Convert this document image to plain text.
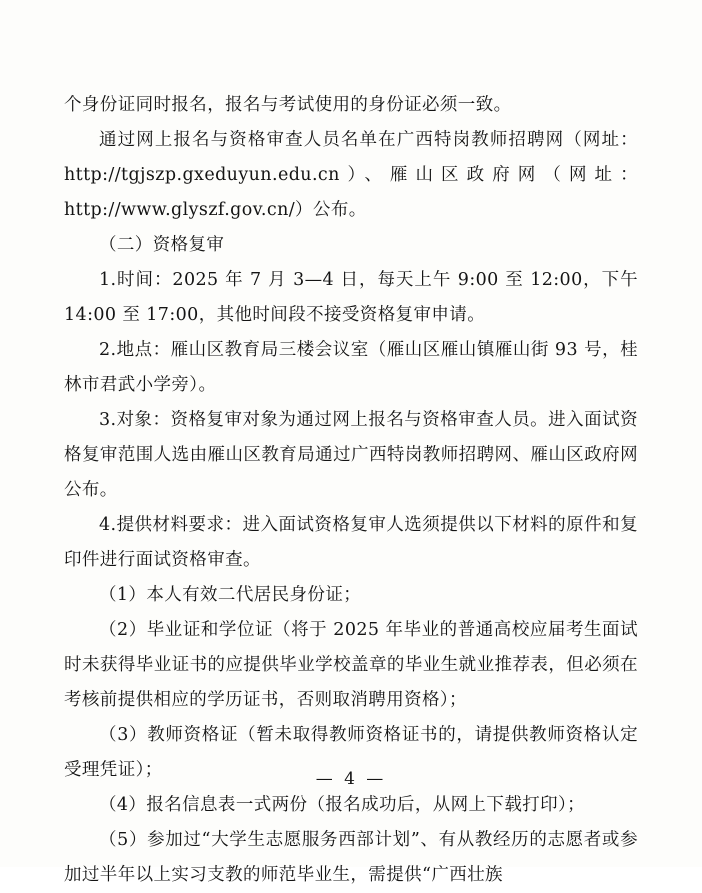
个身份证同时报名，报名与考试使用的身份证必须一致。

通过网上报名与资格审查人员名单在广西特岗教师招聘网（网址：http://tgjszp.gxeduyun.edu.cn）、雁山区政府网（网址：http://www.glyszf.gov.cn/）公布。

（二）资格复审

1.时间：2025 年 7 月 3—4 日，每天上午 9:00 至 12:00，下午 14:00 至 17:00，其他时间段不接受资格复审申请。

2.地点：雁山区教育局三楼会议室（雁山区雁山镇雁山街 93 号，桂林市君武小学旁）。

3.对象：资格复审对象为通过网上报名与资格审查人员。进入面试资格复审范围人选由雁山区教育局通过广西特岗教师招聘网、雁山区政府网公布。

4.提供材料要求：进入面试资格复审人选须提供以下材料的原件和复印件进行面试资格审查。

（1）本人有效二代居民身份证；

（2）毕业证和学位证（将于 2025 年毕业的普通高校应届考生面试时未获得毕业证书的应提供毕业学校盖章的毕业生就业推荐表，但必须在考核前提供相应的学历证书，否则取消聘用资格）；

（3）教师资格证（暂未取得教师资格证书的，请提供教师资格认定受理凭证）；

（4）报名信息表一式两份（报名成功后，从网上下载打印）；

（5）参加过“大学生志愿服务西部计划”、有从教经历的志愿者或参加过半年以上实习支教的师范毕业生，需提供“广西壮族

— 4 —
